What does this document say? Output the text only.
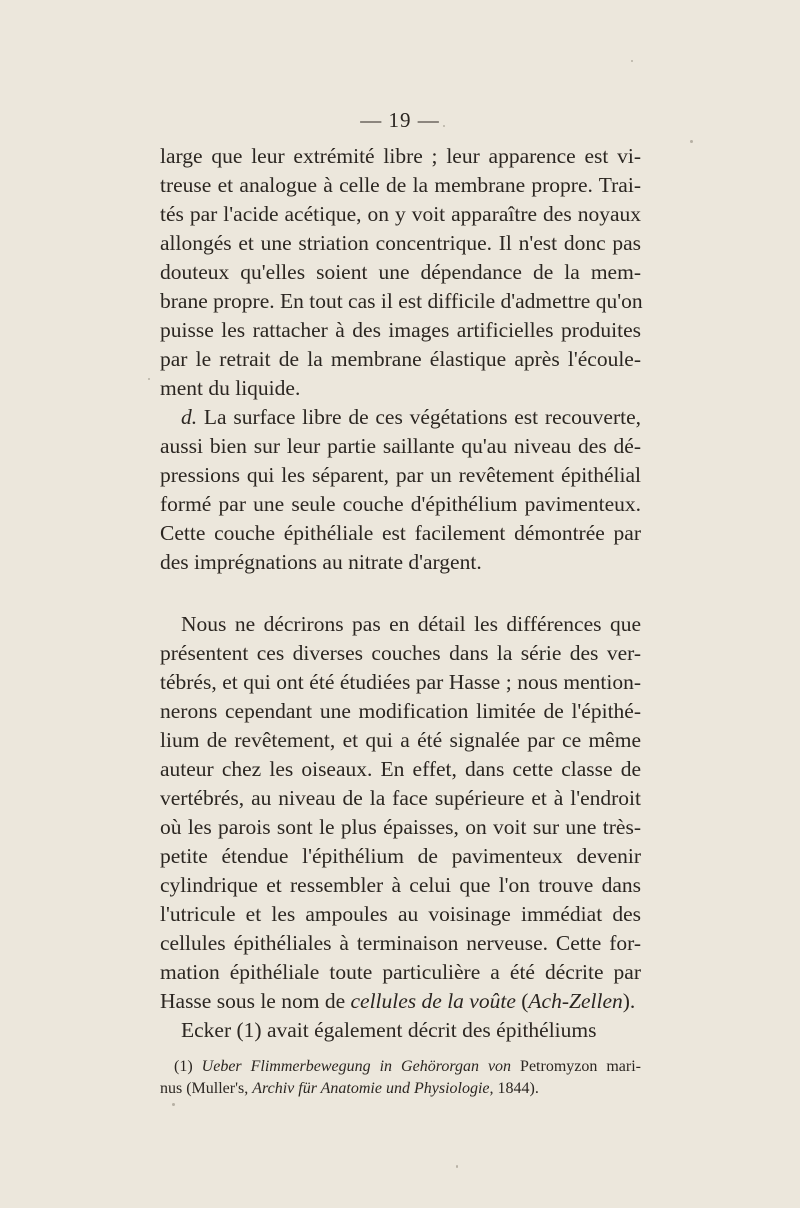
— 19 —
large que leur extrémité libre ; leur apparence est vi-
treuse et analogue à celle de la membrane propre. Trai-
tés par l'acide acétique, on y voit apparaître des noyaux
allongés et une striation concentrique. Il n'est donc pas
douteux qu'elles soient une dépendance de la mem-
brane propre. En tout cas il est difficile d'admettre qu'on
puisse les rattacher à des images artificielles produites
par le retrait de la membrane élastique après l'écoule-
ment du liquide.
d. La surface libre de ces végétations est recouverte,
aussi bien sur leur partie saillante qu'au niveau des dé-
pressions qui les séparent, par un revêtement épithélial
formé par une seule couche d'épithélium pavimenteux.
Cette couche épithéliale est facilement démontrée par
des imprégnations au nitrate d'argent.
Nous ne décrirons pas en détail les différences que
présentent ces diverses couches dans la série des ver-
tébrés, et qui ont été étudiées par Hasse ; nous mention-
nerons cependant une modification limitée de l'épithé-
lium de revêtement, et qui a été signalée par ce même
auteur chez les oiseaux. En effet, dans cette classe de
vertébrés, au niveau de la face supérieure et à l'endroit
où les parois sont le plus épaisses, on voit sur une très-
petite étendue l'épithélium de pavimenteux devenir
cylindrique et ressembler à celui que l'on trouve dans
l'utricule et les ampoules au voisinage immédiat des
cellules épithéliales à terminaison nerveuse. Cette for-
mation épithéliale toute particulière a été décrite par
Hasse sous le nom de cellules de la voûte (Ach-Zellen).
Ecker (1) avait également décrit des épithéliums
(1) Ueber Flimmerbewegung in Gehörorgan von Petromyzon mari-
nus (Muller's, Archiv für Anatomie und Physiologie, 1844).
